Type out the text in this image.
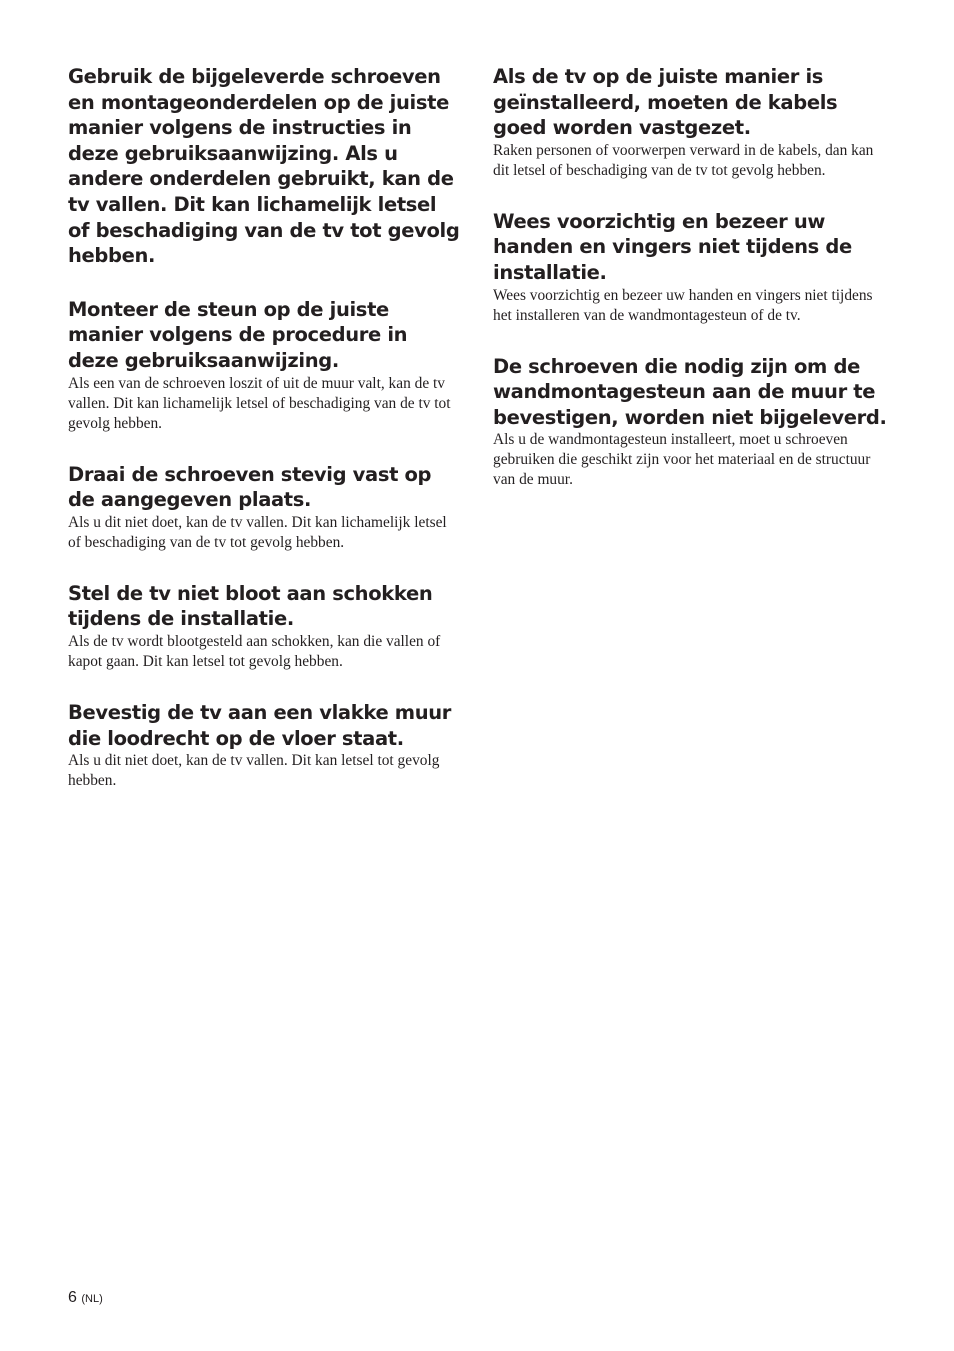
Gebruik de bijgeleverde schroeven en montageonderdelen op de juiste manier volgens de instructies in deze gebruiksaanwijzing. Als u andere onderdelen gebruikt, kan de tv vallen. Dit kan lichamelijk letsel of beschadiging van de tv tot gevolg hebben.

Monteer de steun op de juiste manier volgens de procedure in deze gebruiksaanwijzing.

Als een van de schroeven loszit of uit de muur valt, kan de tv vallen. Dit kan lichamelijk letsel of beschadiging van de tv tot gevolg hebben.

Draai de schroeven stevig vast op de aangegeven plaats.

Als u dit niet doet, kan de tv vallen. Dit kan lichamelijk letsel of beschadiging van de tv tot gevolg hebben.

Stel de tv niet bloot aan schokken tijdens de installatie.

Als de tv wordt blootgesteld aan schokken, kan die vallen of kapot gaan. Dit kan letsel tot gevolg hebben.

Bevestig de tv aan een vlakke muur die loodrecht op de vloer staat.

Als u dit niet doet, kan de tv vallen. Dit kan letsel tot gevolg hebben.

Als de tv op de juiste manier is geïnstalleerd, moeten de kabels goed worden vastgezet.

Raken personen of voorwerpen verward in de kabels, dan kan dit letsel of beschadiging van de tv tot gevolg hebben.

Wees voorzichtig en bezeer uw handen en vingers niet tijdens de installatie.

Wees voorzichtig en bezeer uw handen en vingers niet tijdens het installeren van de wandmontagesteun of de tv.

De schroeven die nodig zijn om de wandmontagesteun aan de muur te bevestigen, worden niet bijgeleverd.

Als u de wandmontagesteun installeert, moet u schroeven gebruiken die geschikt zijn voor het materiaal en de structuur van de muur.

6 (NL)
